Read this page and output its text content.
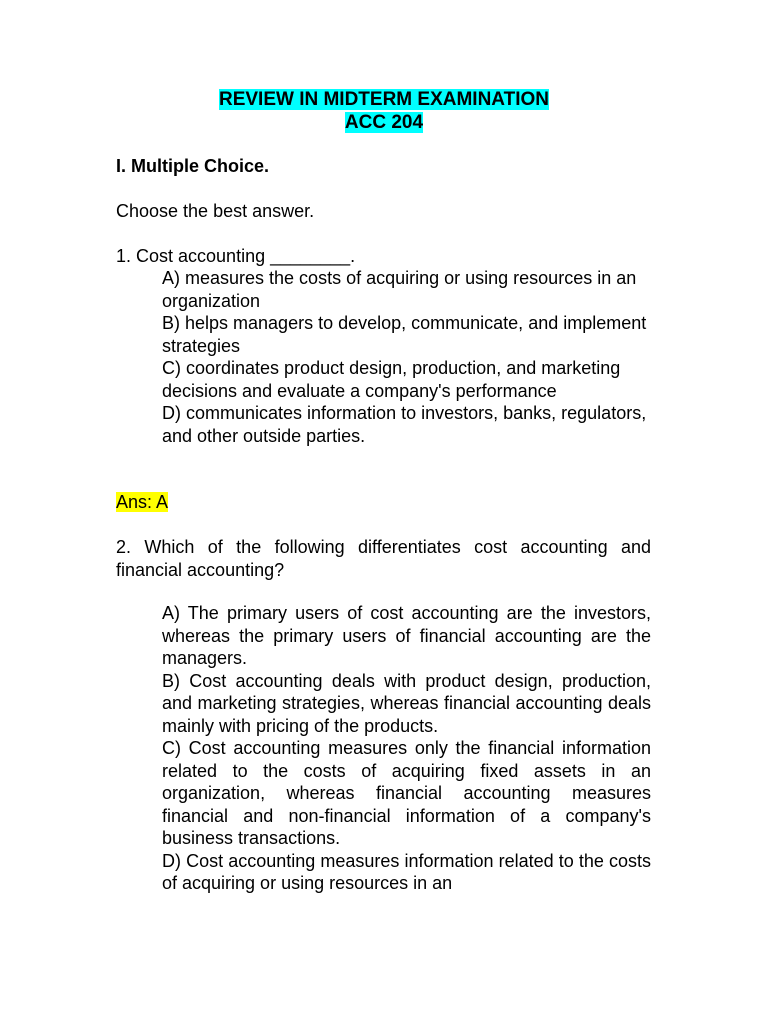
REVIEW IN MIDTERM EXAMINATION
ACC 204
I. Multiple Choice.
Choose the best answer.
1. Cost accounting ________.

A) measures the costs of acquiring or using resources in an organization

B) helps managers to develop, communicate, and implement strategies

C) coordinates product design, production, and marketing decisions and evaluate a company's performance

D) communicates information to investors, banks, regulators, and other outside parties.

Ans: A
2. Which of the following differentiates cost accounting and financial accounting?

A) The primary users of cost accounting are the investors, whereas the primary users of financial accounting are the managers.

B) Cost accounting deals with product design, production, and marketing strategies, whereas financial accounting deals mainly with pricing of the products.

C) Cost accounting measures only the financial information related to the costs of acquiring fixed assets in an organization, whereas financial accounting measures financial and non-financial information of a company's business transactions.

D) Cost accounting measures information related to the costs of acquiring or using resources in an
